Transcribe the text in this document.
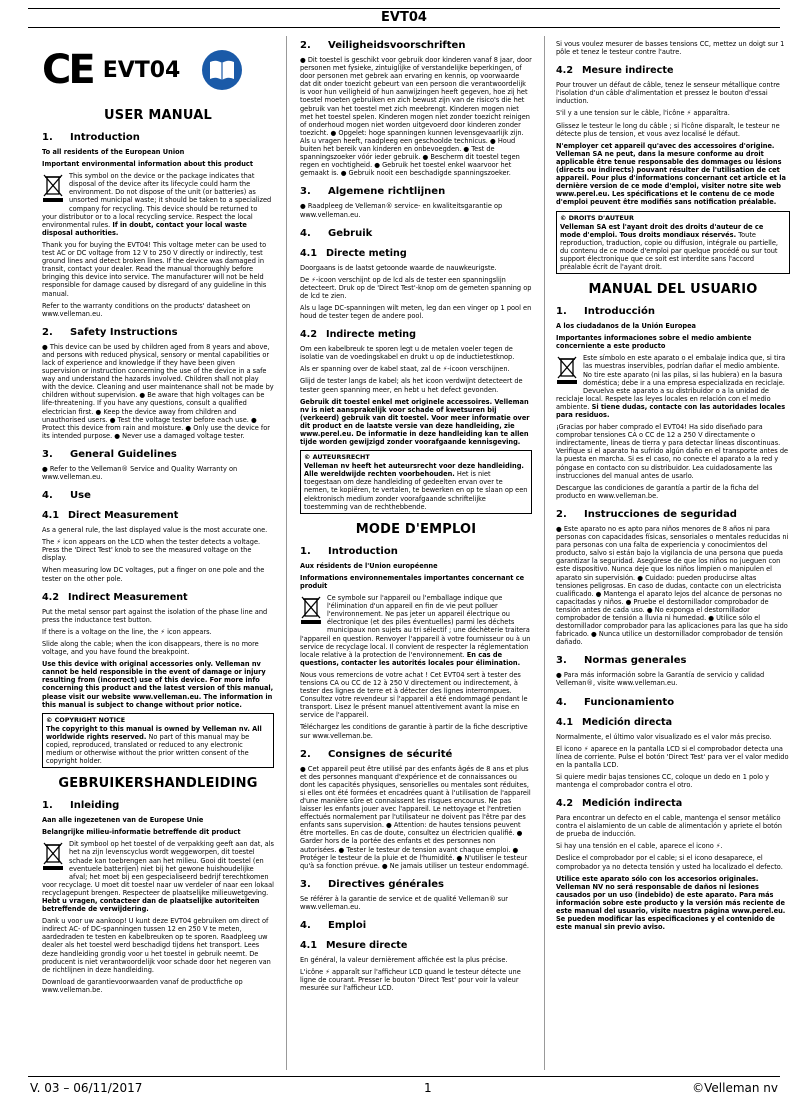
EVT04
CE EVT04
USER MANUAL
1.	Introduction
To all residents of the European Union
Important environmental information about this product
This symbol on the device or the package indicates that disposal of the device after its lifecycle could harm the environment. Do not dispose of the unit (or batteries) as unsorted municipal waste; it should be taken to a specialized company for recycling. This device should be returned to your distributor or to a local recycling service. Respect the local environmental rules. If in doubt, contact your local waste disposal authorities.
Thank you for buying the EVT04! This voltage meter can be used to test AC or DC voltage from 12 V to 250 V directly or indirectly, test ground lines and detect broken lines. If the device was damaged in transit, contact your dealer. Read the manual thoroughly before bringing this device into service. The manufacturer will not be held responsible for damage caused by disregard of any guideline in this manual.
Refer to the warranty conditions on the products' datasheet on www.velleman.eu.
2.	Safety Instructions
● This device can be used by children aged from 8 years and above, and persons with reduced physical, sensory or mental capabilities or lack of experience and knowledge if they have been given supervision or instruction concerning the use of the device in a safe way and understand the hazards involved. Children shall not play with the device. Cleaning and user maintenance shall not be made by children without supervision. ● Be aware that high voltages can be life-threatening. If you have any questions, consult a qualified electrician first. ● Keep the device away from children and unauthorised users. ● Test the voltage tester before each use. ● Protect this device from rain and moisture. ● Only use the device for its intended purpose. ● Never use a damaged voltage tester.
3.	General Guidelines
● Refer to the Velleman® Service and Quality Warranty on www.velleman.eu.
4.	Use
4.1 Direct Measurement
As a general rule, the last displayed value is the most accurate one.
The ⚡ icon appears on the LCD when the tester detects a voltage.
Press the 'Direct Test' knob to see the measured voltage on the display.
When measuring low DC voltages, put a finger on one pole and the tester on the other pole.
4.2 Indirect Measurement
Put the metal sensor part against the isolation of the phase line and press the inductance test button.
If there is a voltage on the line, the ⚡ icon appears.
Slide along the cable; when the icon disappears, there is no more voltage, and you have found the breakpoint.
Use this device with original accessories only. Velleman nv cannot be held responsible in the event of damage or injury resulting from (incorrect) use of this device. For more info concerning this product and the latest version of this manual, please visit our website www.velleman.eu. The information in this manual is subject to change without prior notice.
© COPYRIGHT NOTICE
The copyright to this manual is owned by Velleman nv. All worldwide rights reserved. No part of this manual may be copied, reproduced, translated or reduced to any electronic medium or otherwise without the prior written consent of the copyright holder.
GEBRUIKERSHANDLEIDING
1.	Inleiding
Aan alle ingezetenen van de Europese Unie
Belangrijke milieu-informatie betreffende dit product
Dit symbool op het toestel of de verpakking geeft aan dat, als het na zijn levenscyclus wordt weggeworpen, dit toestel schade kan toebrengen aan het milieu. Gooi dit toestel (en eventuele batterijen) niet bij het gewone huishoudelijke afval; het moet bij een gespecialiseerd bedrijf terechtkomen voor recyclage. U moet dit toestel naar uw verdeler of naar een lokaal recyclagepunt brengen. Respecteer de plaatselijke milieuwetgeving. Hebt u vragen, contacteer dan de plaatselijke autoriteiten betreffende de verwijdering.
Dank u voor uw aankoop! U kunt deze EVT04 gebruiken om direct of indirect AC- of DC-spanningen tussen 12 en 250 V te meten, aardedraden te testen en kabelbreuken op te sporen. Raadpleeg uw dealer als het toestel werd beschadigd tijdens het transport. Lees deze handleiding grondig voor u het toestel in gebruik neemt. De producent is niet verantwoordelijk voor schade door het negeren van de richtlijnen in deze handleiding.
Download de garantievoorwaarden vanaf de productfiche op www.velleman.be.
2.	Veiligheidsvoorschriften
● Dit toestel is geschikt voor gebruik door kinderen vanaf 8 jaar, door personen met fysieke, zintuiglijke of verstandelijke beperkingen, of door personen met gebrek aan ervaring en kennis, op voorwaarde dat dit onder toezicht gebeurt van een persoon die verantwoordelijk is voor hun veiligheid of hun aanwijzingen heeft gegeven, hoe zij het toestel moeten gebruiken en zich bewust zijn van de risico's die het gebruik van het toestel met zich meebrengt. Kinderen mogen niet met het toestel spelen. Kinderen mogen niet zonder toezicht reinigen of onderhoud mogen niet worden uitgevoerd door kinderen zonder toezicht. ● Opgelet: hoge spanningen kunnen levensgevaarlijk zijn. Als u vragen heeft, raadpleeg een geschoolde technicus. ● Houd buiten het bereik van kinderen en onbevoegden. ● Test de spanningszoeker vóór ieder gebruik. ● Bescherm dit toestel tegen regen en vochtigheid. ● Gebruik het toestel enkel waarvoor het gemaakt is. ● Gebruik nooit een beschadigde spanningszoeker.
3.	Algemene richtlijnen
● Raadpleeg de Velleman® service- en kwaliteitsgarantie op www.velleman.eu.
4.	Gebruik
4.1 Directe meting
Doorgaans is de laatst getoonde waarde de nauwkeurigste.
De ⚡-icoon verschijnt op de lcd als de tester een spanningslijn detecteert. Druk op de 'Direct Test'-knop om de gemeten spanning op de lcd te zien.
Als u lage DC-spanningen wilt meten, leg dan een vinger op 1 pool en houd de tester tegen de andere pool.
4.2 Indirecte meting
Om een kabelbreuk te sporen legt u de metalen voeler tegen de isolatie van de voedingskabel en drukt u op de inductietestknop.
Als er spanning over de kabel staat, zal de ⚡-icoon verschijnen.
Glijd de tester langs de kabel; als het icoon verdwijnt detecteert de tester geen spanning meer, en hebt u het defect gevonden.
Gebruik dit toestel enkel met originele accessoires. Velleman nv is niet aansprakelijk voor schade of kwetsuren bij (verkeerd) gebruik van dit toestel. Voor meer informatie over dit product en de laatste versie van deze handleiding, zie www.perel.eu. De informatie in deze handleiding kan te allen tijde worden gewijzigd zonder voorafgaande kennisgeving.
© AUTEURSRECHT
Velleman nv heeft het auteursrecht voor deze handleiding. Alle wereldwijde rechten voorbehouden. Het is niet toegestaan om deze handleiding of gedeelten ervan over te nemen, te kopiëren, te vertalen, te bewerken en op te slaan op een elektronisch medium zonder voorafgaande schriftelijke toestemming van de rechthebbende.
MODE D'EMPLOI
1.	Introduction
Aux résidents de l'Union européenne
Informations environnementales importantes concernant ce produit
Ce symbole sur l'appareil ou l'emballage indique que l'élimination d'un appareil en fin de vie peut polluer l'environnement. Ne pas jeter un appareil électrique ou électronique (et des piles éventuelles) parmi les déchets municipaux non sujets au tri sélectif ; une déchèterie traitera l'appareil en question. Renvoyer l'appareil à votre fournisseur ou à un service de recyclage local. Il convient de respecter la réglementation locale relative à la protection de l'environnement. En cas de questions, contacter les autorités locales pour élimination.
Nous vous remercions de votre achat ! Cet EVT04 sert à tester des tensions CA ou CC de 12 à 250 V directement ou indirectement, à tester des lignes de terre et à détecter des lignes interrompues. Consultez votre revendeur si l'appareil a été endommagé pendant le transport. Lisez le présent manuel attentivement avant la mise en service de l'appareil.
Téléchargez les conditions de garantie à partir de la fiche descriptive sur www.velleman.be.
2.	Consignes de sécurité
● Cet appareil peut être utilisé par des enfants âgés de 8 ans et plus et des personnes manquant d'expérience et de connaissances ou dont les capacités physiques, sensorielles ou mentales sont réduites, si elles ont été formées et encadrées quant à l'utilisation de l'appareil d'une manière sûre et connaissent les risques encourus. Ne pas laisser les enfants jouer avec l'appareil. Le nettoyage et l'entretien effectués normalement par l'utilisateur ne doivent pas l'être par des enfants sans supervision. ● Attention: de hautes tensions peuvent être mortelles. En cas de doute, consultez un électricien qualifié. ● Garder hors de la portée des enfants et des personnes non autorisées. ● Tester le testeur de tension avant chaque emploi. ● Protéger le testeur de la pluie et de l'humidité. ● N'utiliser le testeur qu'à sa fonction prévue. ● Ne jamais utiliser un testeur endommagé.
3.	Directives générales
Se référer à la garantie de service et de qualité Velleman® sur www.velleman.eu.
4.	Emploi
4.1 Mesure directe
En général, la valeur dernièrement affichée est la plus précise.
L'icône ⚡ apparaît sur l'afficheur LCD quand le testeur détecte une ligne de courant. Presser le bouton 'Direct Test' pour voir la valeur mesurée sur l'afficheur LCD.
Si vous voulez mesurer de basses tensions CC, mettez un doigt sur 1 pôle et tenez le testeur contre l'autre.
4.2 Mesure indirecte
Pour trouver un défaut de câble, tenez le senseur métallique contre l'isolation d'un câble d'alimentation et pressez le bouton d'essai induction.
S'il y a une tension sur le câble, l'icône ⚡ apparaîtra.
Glissez le testeur le long du câble ; si l'icône disparaît, le testeur ne détecte plus de tension, et vous avez localisé le défaut.
N'employer cet appareil qu'avec des accessoires d'origine. Velleman SA ne peut, dans la mesure conforme au droit applicable être tenue responsable des dommages ou lésions (directs ou indirects) pouvant résulter de l'utilisation de cet appareil. Pour plus d'informations concernant cet article et la dernière version de ce mode d'emploi, visiter notre site web www.perel.eu. Les spécifications et le contenu de ce mode d'emploi peuvent être modifiés sans notification préalable.
© DROITS D'AUTEUR
Velleman SA est l'ayant droit des droits d'auteur de ce mode d'emploi. Tous droits mondiaux réservés. Toute reproduction, traduction, copie ou diffusion, intégrale ou partielle, du contenu de ce mode d'emploi par quelque procédé ou sur tout support électronique que ce soit est interdite sans l'accord préalable écrit de l'ayant droit.
MANUAL DEL USUARIO
1.	Introducción
A los ciudadanos de la Unión Europea
Importantes informaciones sobre el medio ambiente concerniente a este producto
Este símbolo en este aparato o el embalaje indica que, si tira las muestras inservibles, podrían dañar el medio ambiente. No tire este aparato (ni las pilas, si las hubiera) en la basura doméstica; debe ir a una empresa especializada en reciclaje. Devuelva este aparato a su distribuidor o a la unidad de reciclaje local. Respete las leyes locales en relación con el medio ambiente. Si tiene dudas, contacte con las autoridades locales para residuos.
¡Gracias por haber comprado el EVT04! Ha sido diseñado para comprobar tensiones CA o CC de 12 a 250 V directamente o indirectamente, líneas de tierra y para detectar líneas discontinuas. Verifique si el aparato ha sufrido algún daño en el transporte antes de la puesta en marcha. Si es el caso, no conecte el aparato a la red y póngase en contacto con su distribuidor. Lea cuidadosamente las instrucciones del manual antes de usarlo.
Descargue las condiciones de garantía a partir de la ficha del producto en www.velleman.be.
2.	Instrucciones de seguridad
● Este aparato no es apto para niños menores de 8 años ni para personas con capacidades físicas, sensoriales o mentales reducidas ni para personas con una falta de experiencia y conocimientos del producto, salvo si están bajo la vigilancia de una persona que pueda garantizar la seguridad. Asegúrese de que los niños no jueguen con este dispositivo. Nunca deje que los niños limpien o manipulen el aparato sin supervisión. ● Cuidado: pueden producirse altas tensiones peligrosas. En caso de dudas, contacte con un electricista cualificado. ● Mantenga el aparato lejos del alcance de personas no capacitadas y niños. ● Pruebe el destornillador comprobador de tensión antes de cada uso. ● No exponga el destornillador comprobador de tensión a lluvia ni humedad. ● Utilice sólo el destornillador comprobador para las aplicaciones para las que ha sido fabricado. ● Nunca utilice un destornillador comprobador de tensión dañado.
3.	Normas generales
● Para más información sobre la Garantía de servicio y calidad Velleman®, visite www.velleman.eu.
4.	Funcionamiento
4.1 Medición directa
Normalmente, el último valor visualizado es el valor más preciso.
El icono ⚡ aparece en la pantalla LCD si el comprobador detecta una línea de corriente. Pulse el botón 'Direct Test' para ver el valor medido en la pantalla LCD.
Si quiere medir bajas tensiones CC, coloque un dedo en 1 polo y mantenga el comprobador contra el otro.
4.2 Medición indirecta
Para encontrar un defecto en el cable, mantenga el sensor metálico contra el aislamiento de un cable de alimentación y apriete el botón de prueba de inducción.
Si hay una tensión en el cable, aparece el icono ⚡.
Deslice el comprobador por el cable; si el icono desaparece, el comprobador ya no detecta tensión y usted ha localizado el defecto.
Utilice este aparato sólo con los accesorios originales. Velleman NV no será responsable de daños ni lesiones causados por un uso (indebido) de este aparato. Para más información sobre este producto y la versión más reciente de este manual del usuario, visite nuestra página www.perel.eu. Se pueden modificar las especificaciones y el contenido de este manual sin previo aviso.
V. 03 – 06/11/2017	1	©Velleman nv
